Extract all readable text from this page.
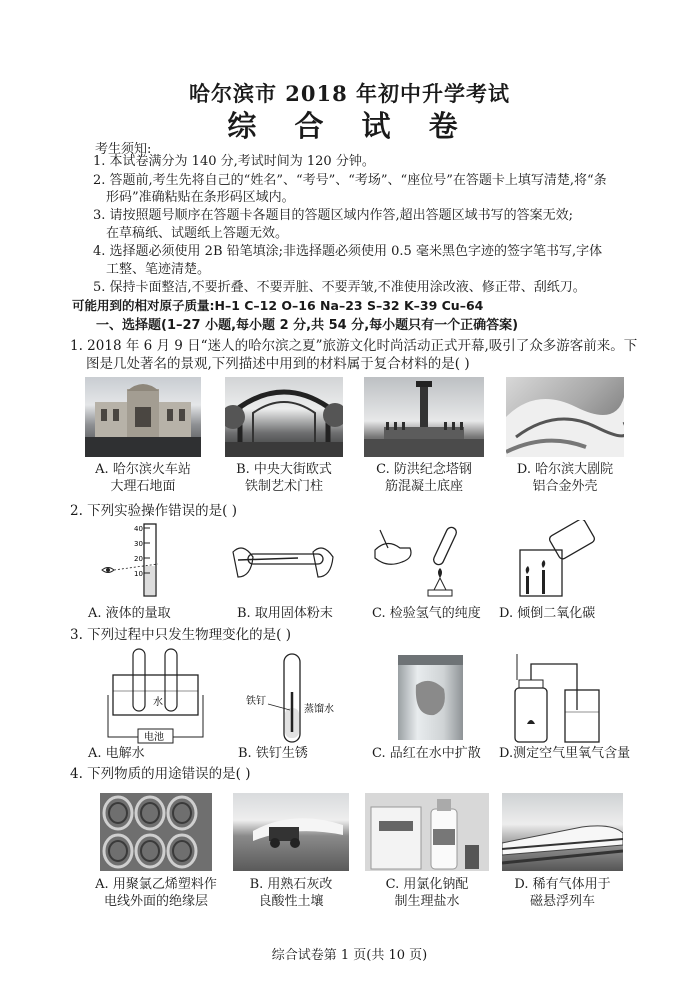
哈尔滨市 2018 年初中升学考试
综 合 试 卷
考生须知:
1. 本试卷满分为 140 分,考试时间为 120 分钟。
2. 答题前,考生先将自己的“姓名”、“考号”、“考场”、“座位号”在答题卡上填写清楚,将“条
形码”准确粘贴在条形码区域内。
3. 请按照题号顺序在答题卡各题目的答题区域内作答,超出答题区域书写的答案无效;
在草稿纸、试题纸上答题无效。
4. 选择题必须使用 2B 铅笔填涂;非选择题必须使用 0.5 毫米黑色字迹的签字笔书写,字体
工整、笔迹清楚。
5. 保持卡面整洁,不要折叠、不要弄脏、不要弄皱,不准使用涂改液、修正带、刮纸刀。
可能用到的相对原子质量:H–1 C–12 O–16 Na–23 S–32 K–39 Cu–64
一、选择题(1–27 小题,每小题 2 分,共 54 分,每小题只有一个正确答案)
1. 2018 年 6 月 9 日“迷人的哈尔滨之夏”旅游文化时尚活动正式开幕,吸引了众多游客前来。下
图是几处著名的景观,下列描述中用到的材料属于复合材料的是( )
A. 哈尔滨火车站
大理石地面
B. 中央大街欧式
铁制艺术门柱
C. 防洪纪念塔钢
筋混凝土底座
D. 哈尔滨大剧院
铝合金外壳
2. 下列实验操作错误的是( )
40
30
20
10
A. 液体的量取	B. 取用固体粉末	C. 检验氢气的纯度 D. 倾倒二氧化碳
3. 下列过程中只发生物理变化的是( )
水
电池
铁钉
蒸馏水
A. 电解水	B. 铁钉生锈	C. 品红在水中扩散 D.测定空气里氧气含量
4. 下列物质的用途错误的是( )
A. 用聚氯乙烯塑料作
电线外面的绝缘层
B. 用熟石灰改
良酸性土壤
C. 用氯化钠配
制生理盐水
D. 稀有气体用于
磁悬浮列车
综合试卷第 1 页(共 10 页)
